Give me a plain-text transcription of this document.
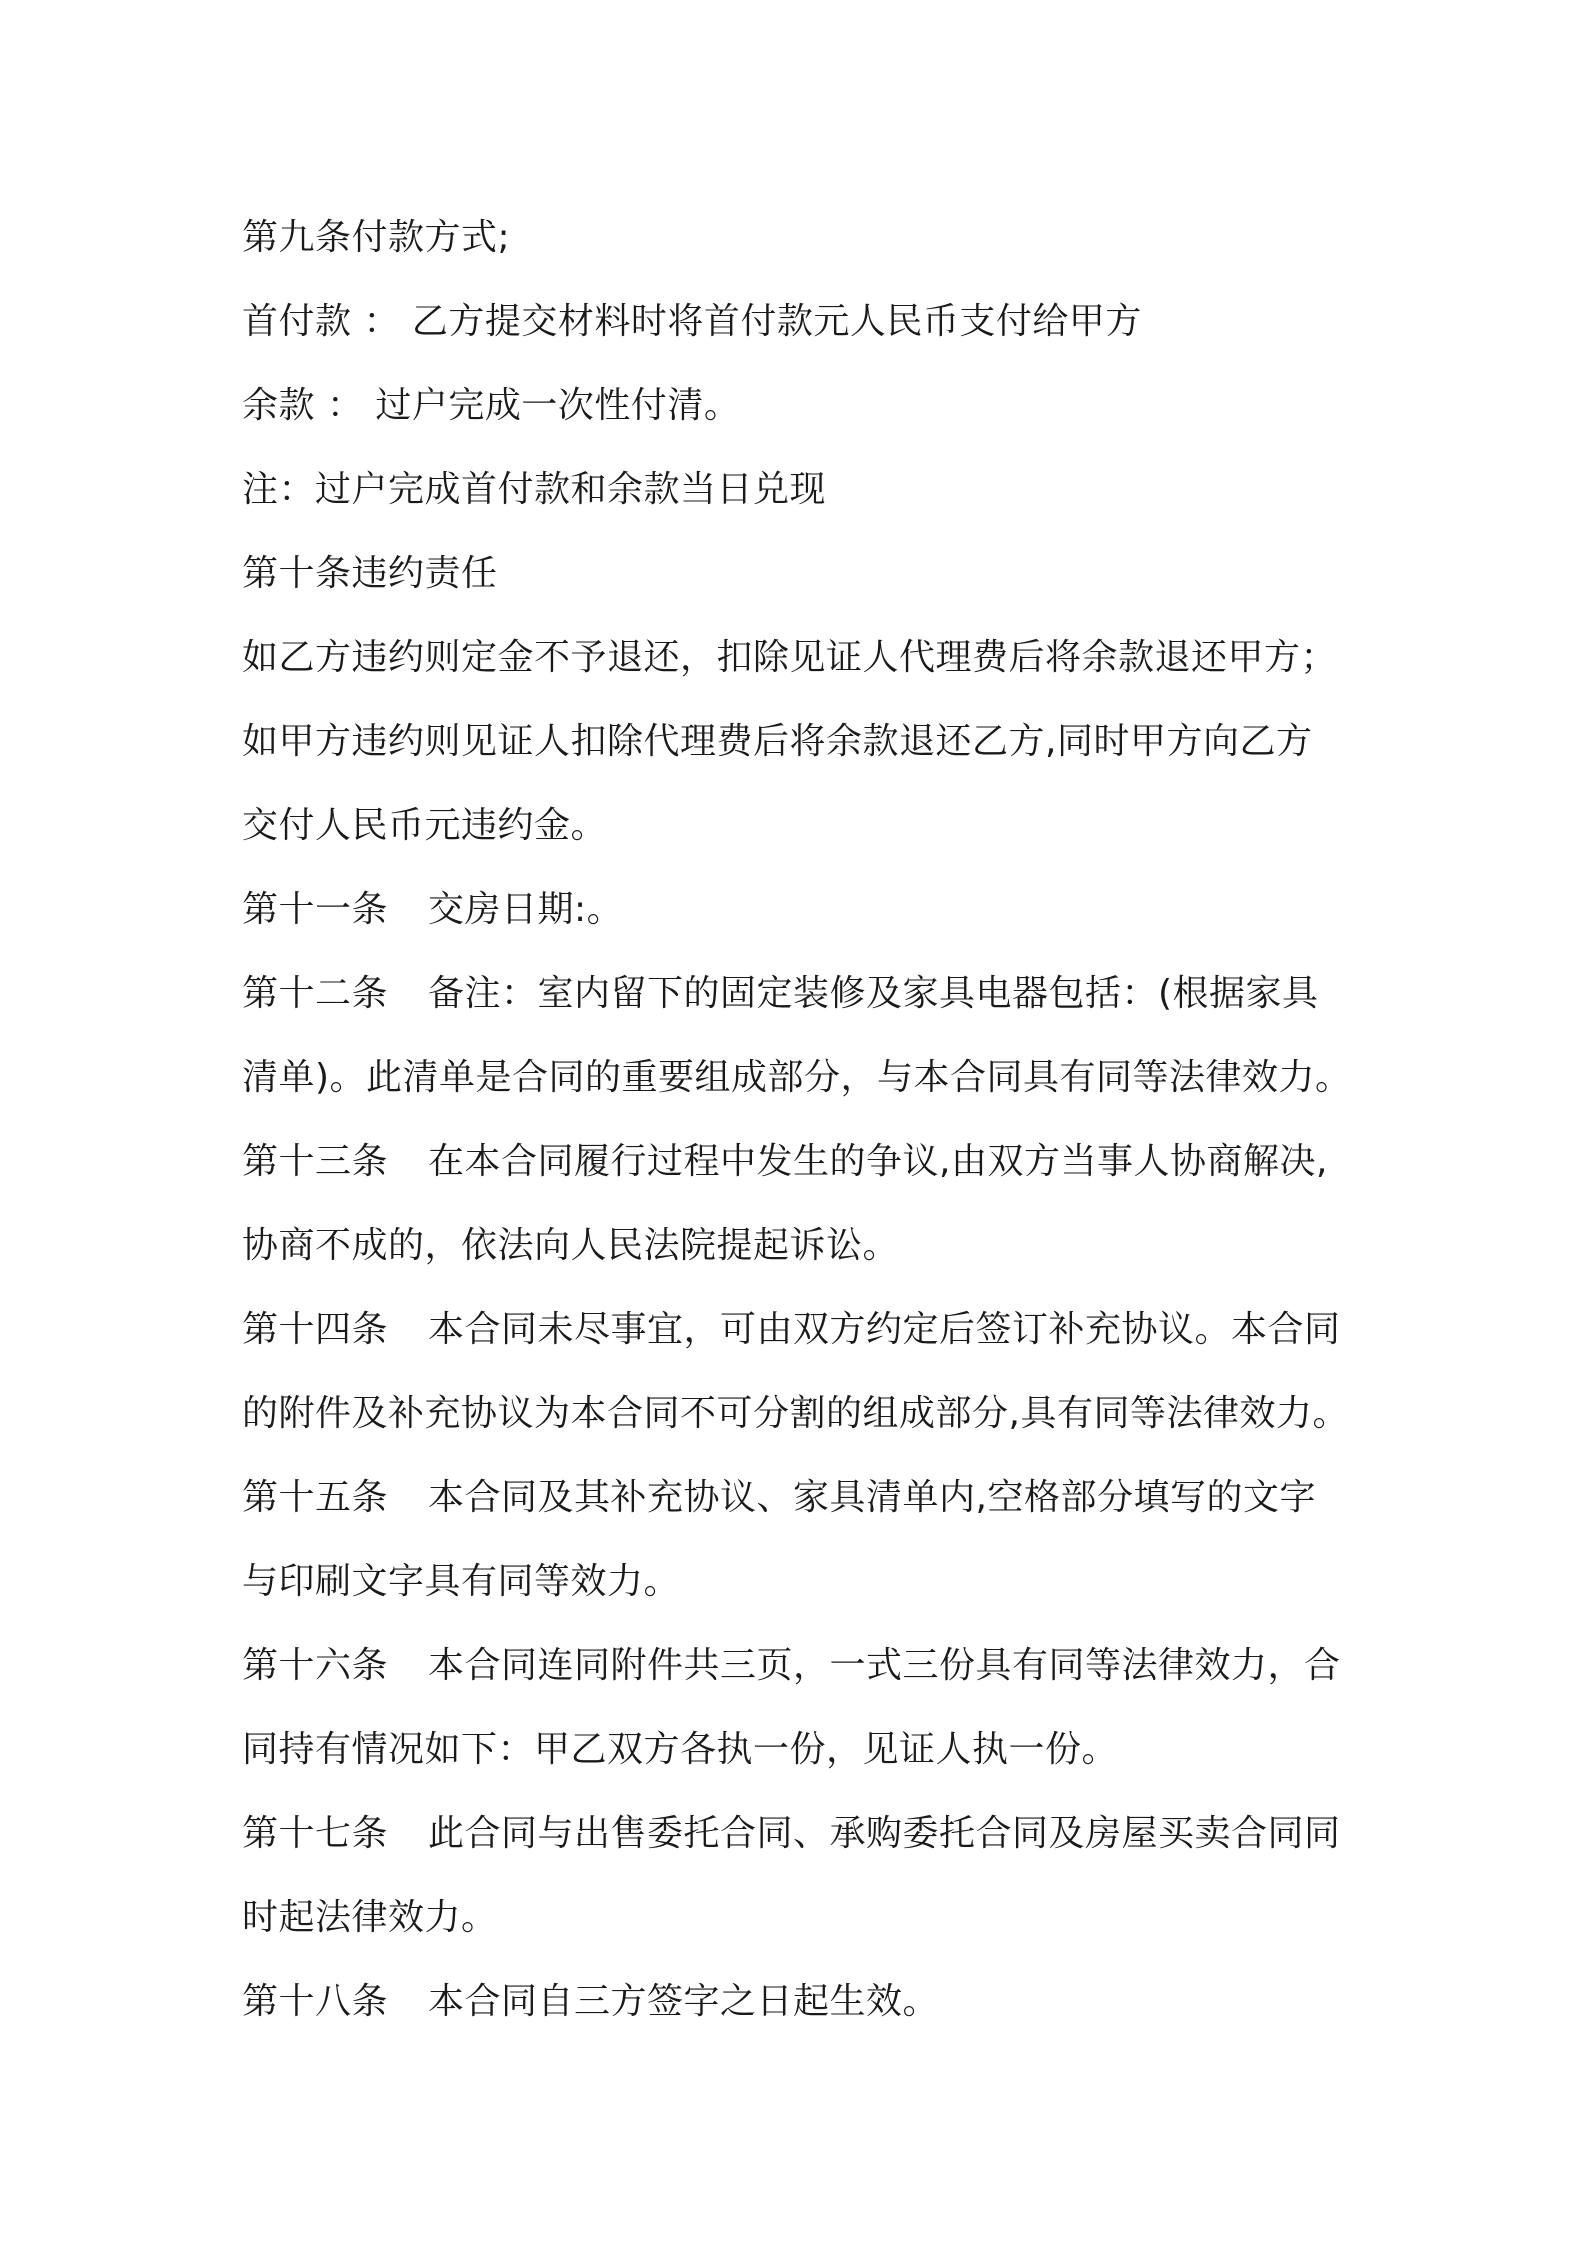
第九条付款方式;
首付款 ： 乙方提交材料时将首付款元人民币支付给甲方
余款 ： 过户完成一次性付清。
注：过户完成首付款和余款当日兑现
第十条违约责任
如乙方违约则定金不予退还，扣除见证人代理费后将余款退还甲方；
如甲方违约则见证人扣除代理费后将余款退还乙方,同时甲方向乙方
交付人民币元违约金。
第十一条 交房日期:。
第十二条 备注：室内留下的固定装修及家具电器包括：(根据家具
清单)。此清单是合同的重要组成部分，与本合同具有同等法律效力。
第十三条 在本合同履行过程中发生的争议,由双方当事人协商解决,
协商不成的，依法向人民法院提起诉讼。
第十四条 本合同未尽事宜，可由双方约定后签订补充协议。本合同
的附件及补充协议为本合同不可分割的组成部分,具有同等法律效力。
第十五条 本合同及其补充协议、家具清单内,空格部分填写的文字
与印刷文字具有同等效力。
第十六条 本合同连同附件共三页，一式三份具有同等法律效力，合
同持有情况如下：甲乙双方各执一份，见证人执一份。
第十七条 此合同与出售委托合同、承购委托合同及房屋买卖合同同
时起法律效力。
第十八条 本合同自三方签字之日起生效。
